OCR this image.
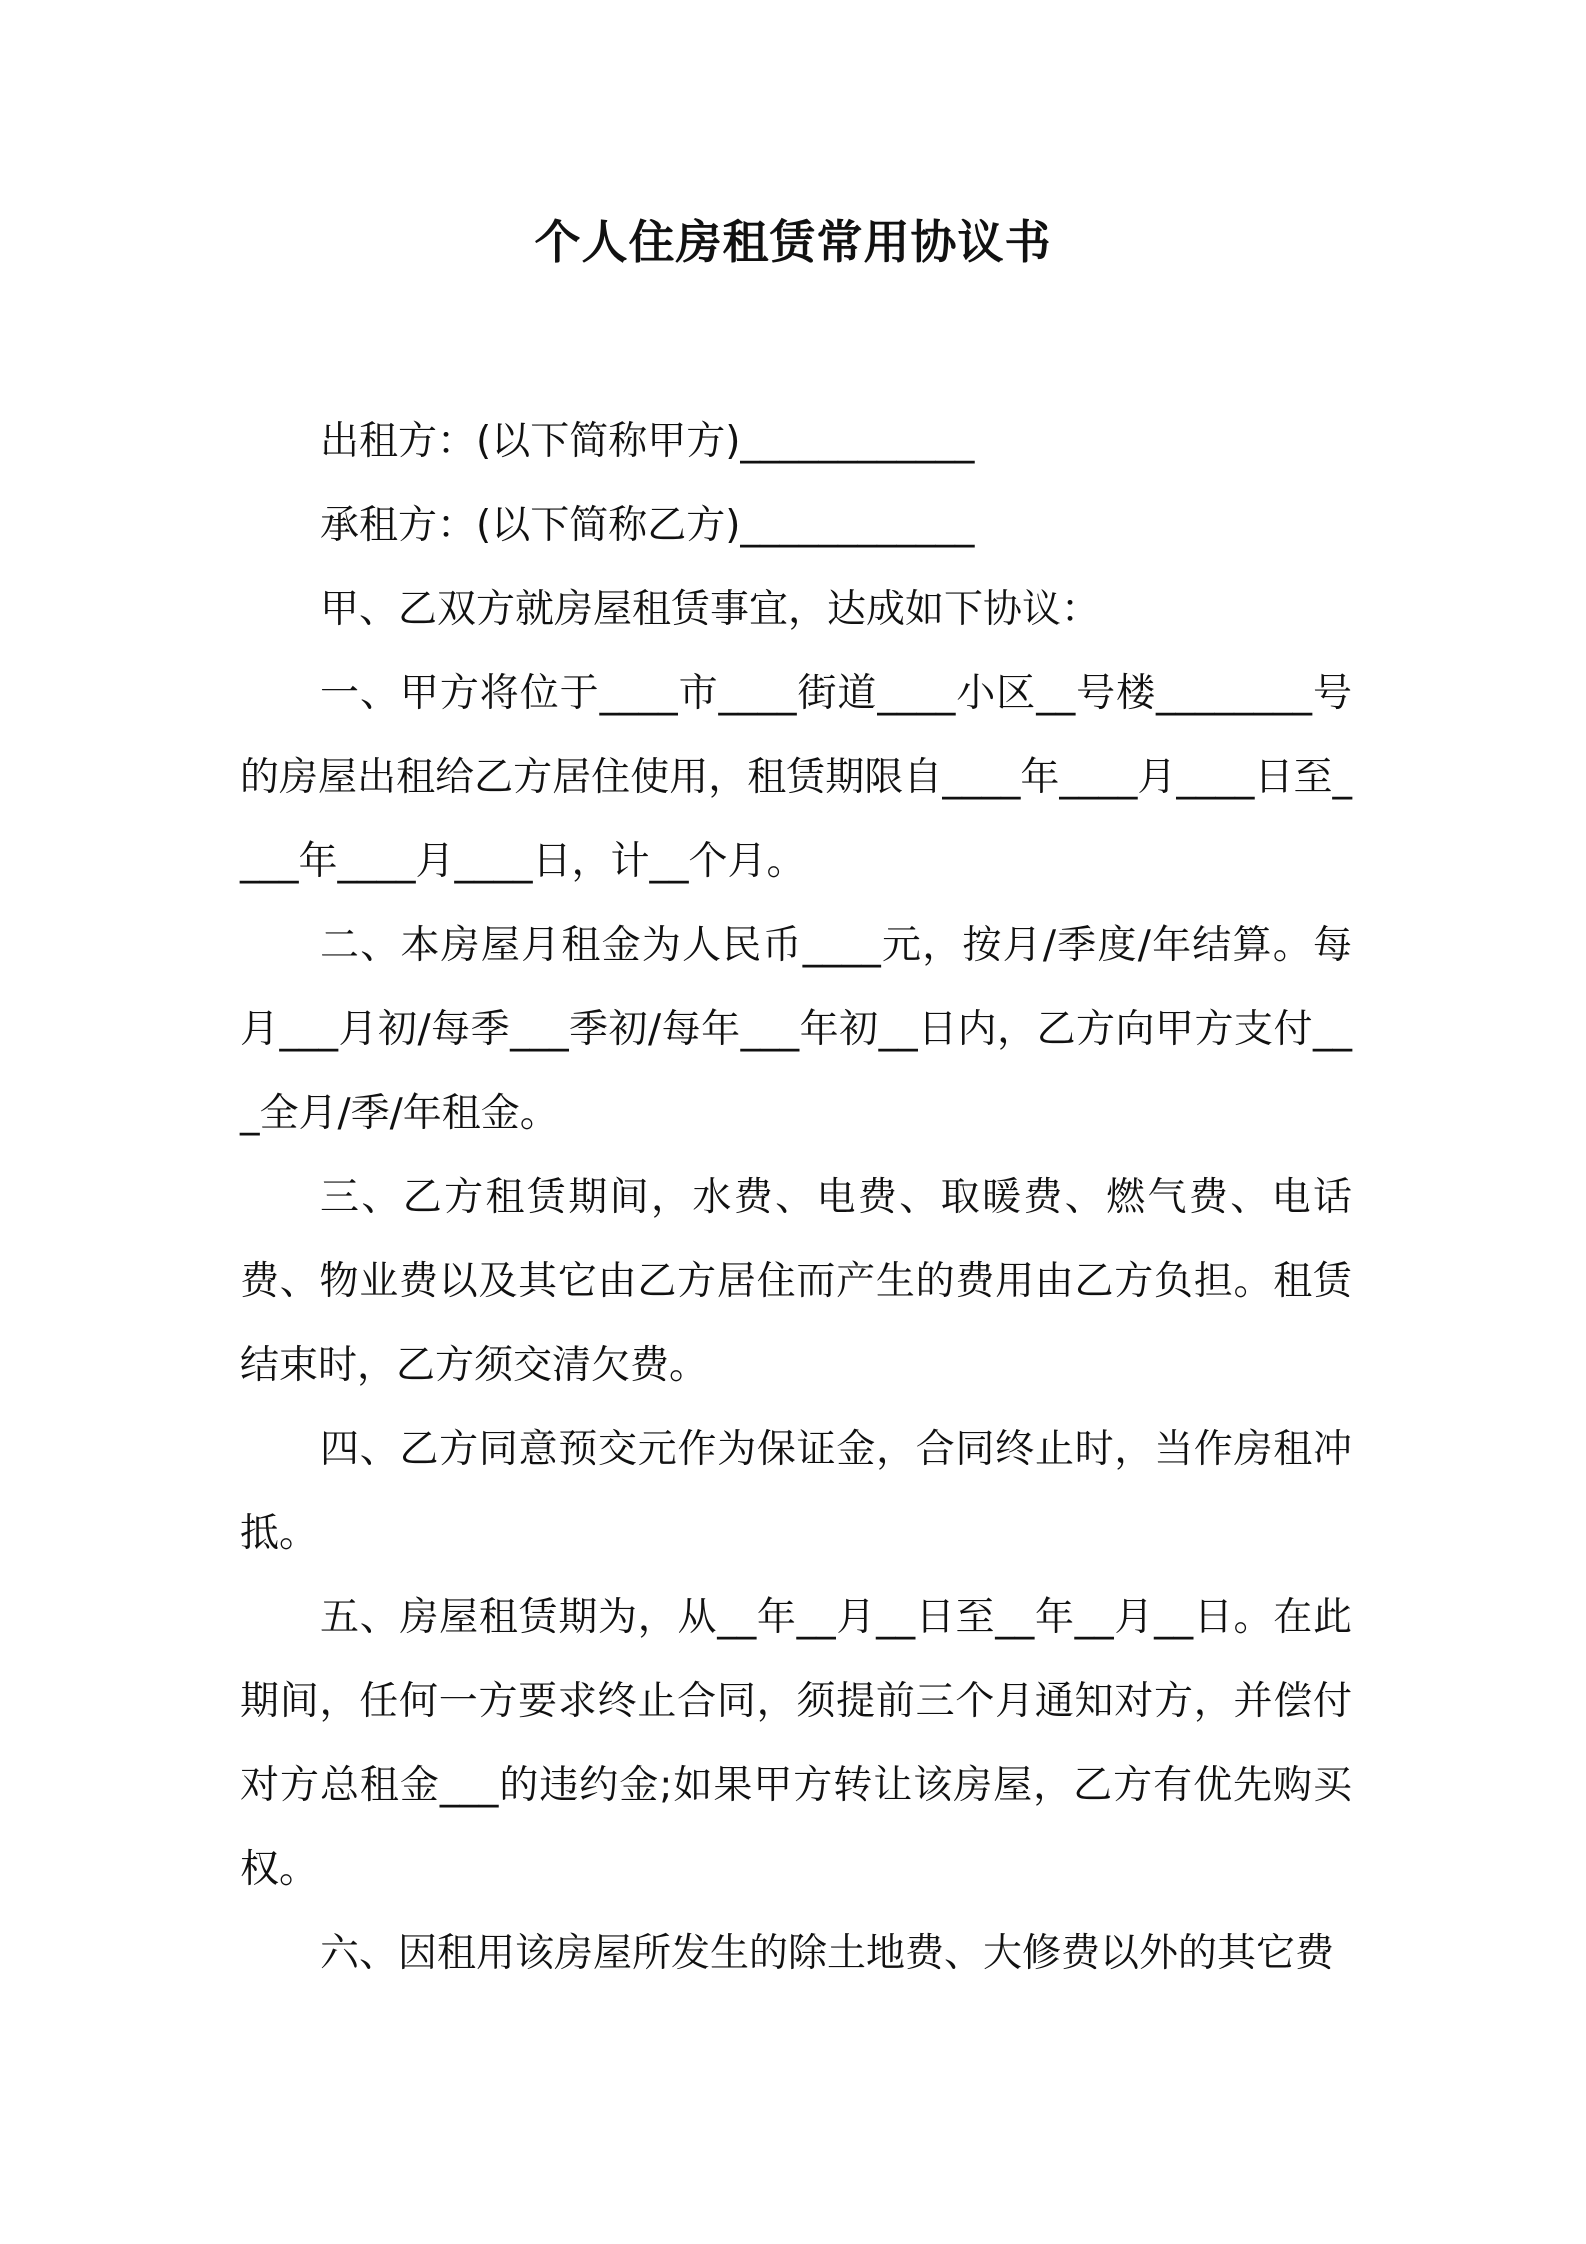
个人住房租赁常用协议书

出租方：(以下简称甲方)____________

承租方：(以下简称乙方)____________

甲、乙双方就房屋租赁事宜，达成如下协议：

一、甲方将位于____市____街道____小区__号楼________号的房屋出租给乙方居住使用，租赁期限自____年____月____日至____年____月____日，计__个月。

二、本房屋月租金为人民币____元，按月/季度/年结算。每月___月初/每季___季初/每年___年初__日内，乙方向甲方支付___全月/季/年租金。

三、乙方租赁期间，水费、电费、取暖费、燃气费、电话费、物业费以及其它由乙方居住而产生的费用由乙方负担。租赁结束时，乙方须交清欠费。

四、乙方同意预交元作为保证金，合同终止时，当作房租冲抵。

五、房屋租赁期为，从__年__月__日至__年__月__日。在此期间，任何一方要求终止合同，须提前三个月通知对方，并偿付对方总租金___的违约金;如果甲方转让该房屋，乙方有优先购买权。

六、因租用该房屋所发生的除土地费、大修费以外的其它费
